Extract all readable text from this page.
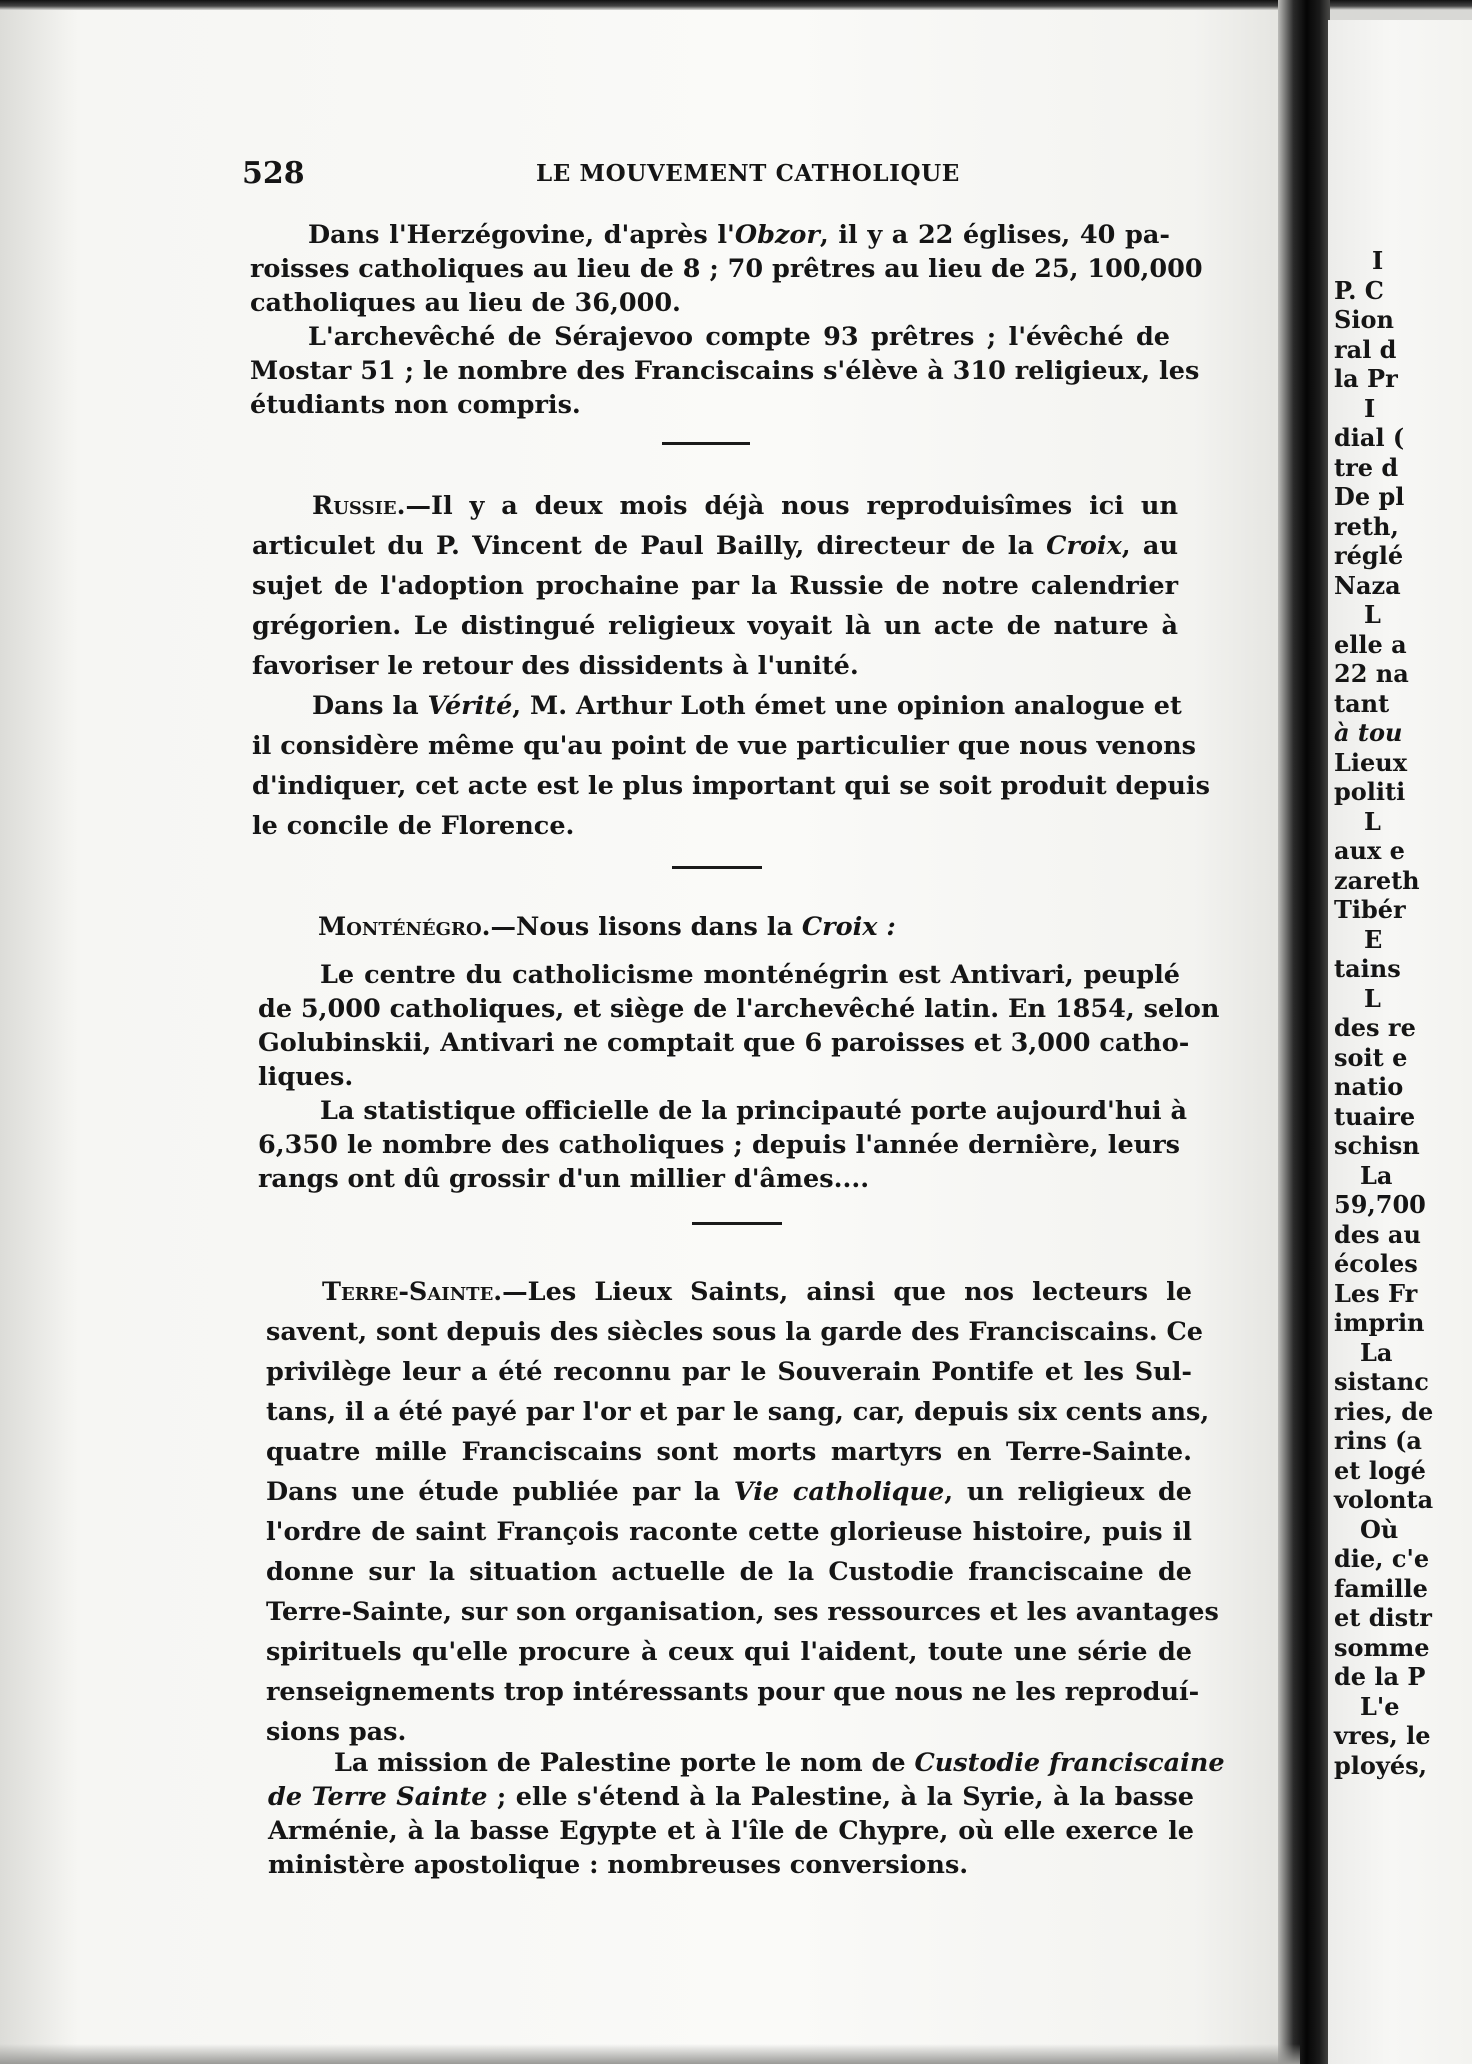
I
P. C
Sion
ral d
la Pr
I
dial (
tre d
De pl
reth,
réglé
Naza
L
elle a
22 na
tant
à tou
Lieux
politi
L
aux e
zareth
Tibér
E
tains
L
des re
soit e
natio
tuaire
schisn
La
59,700
des au
écoles
Les Fr
imprin
La
sistanc
ries, de
rins (a
et logé
volonta
Où
die, c'e
famille
et distr
somme
de la P
L'e
vres, le
ployés,
528	LE MOUVEMENT CATHOLIQUE
Dans l'Herzégovine, d'après l'Obzor, il y a 22 églises, 40 pa-
roisses catholiques au lieu de 8 ; 70 prêtres au lieu de 25, 100,000
catholiques au lieu de 36,000.
L'archevêché de Sérajevoo compte 93 prêtres ; l'évêché de
Mostar 51 ; le nombre des Franciscains s'élève à 310 religieux, les
étudiants non compris.
Russie.—Il y a deux mois déjà nous reproduisîmes ici un
articulet du P. Vincent de Paul Bailly, directeur de la Croix, au
sujet de l'adoption prochaine par la Russie de notre calendrier
grégorien. Le distingué religieux voyait là un acte de nature à
favoriser le retour des dissidents à l'unité.
Dans la Vérité, M. Arthur Loth émet une opinion analogue et
il considère même qu'au point de vue particulier que nous venons
d'indiquer, cet acte est le plus important qui se soit produit depuis
le concile de Florence.
Monténégro.—Nous lisons dans la Croix :
Le centre du catholicisme monténégrin est Antivari, peuplé
de 5,000 catholiques, et siège de l'archevêché latin. En 1854, selon
Golubinskii, Antivari ne comptait que 6 paroisses et 3,000 catho-
liques.
La statistique officielle de la principauté porte aujourd'hui à
6,350 le nombre des catholiques ; depuis l'année dernière, leurs
rangs ont dû grossir d'un millier d'âmes....
Terre-Sainte.—Les Lieux Saints, ainsi que nos lecteurs le
savent, sont depuis des siècles sous la garde des Franciscains. Ce
privilège leur a été reconnu par le Souverain Pontife et les Sul-
tans, il a été payé par l'or et par le sang, car, depuis six cents ans,
quatre mille Franciscains sont morts martyrs en Terre-Sainte.
Dans une étude publiée par la Vie catholique, un religieux de
l'ordre de saint François raconte cette glorieuse histoire, puis il
donne sur la situation actuelle de la Custodie franciscaine de
Terre-Sainte, sur son organisation, ses ressources et les avantages
spirituels qu'elle procure à ceux qui l'aident, toute une série de
renseignements trop intéressants pour que nous ne les reproduí-
sions pas.
La mission de Palestine porte le nom de Custodie franciscaine
de Terre Sainte ; elle s'étend à la Palestine, à la Syrie, à la basse
Arménie, à la basse Egypte et à l'île de Chypre, où elle exerce le
ministère apostolique : nombreuses conversions.
